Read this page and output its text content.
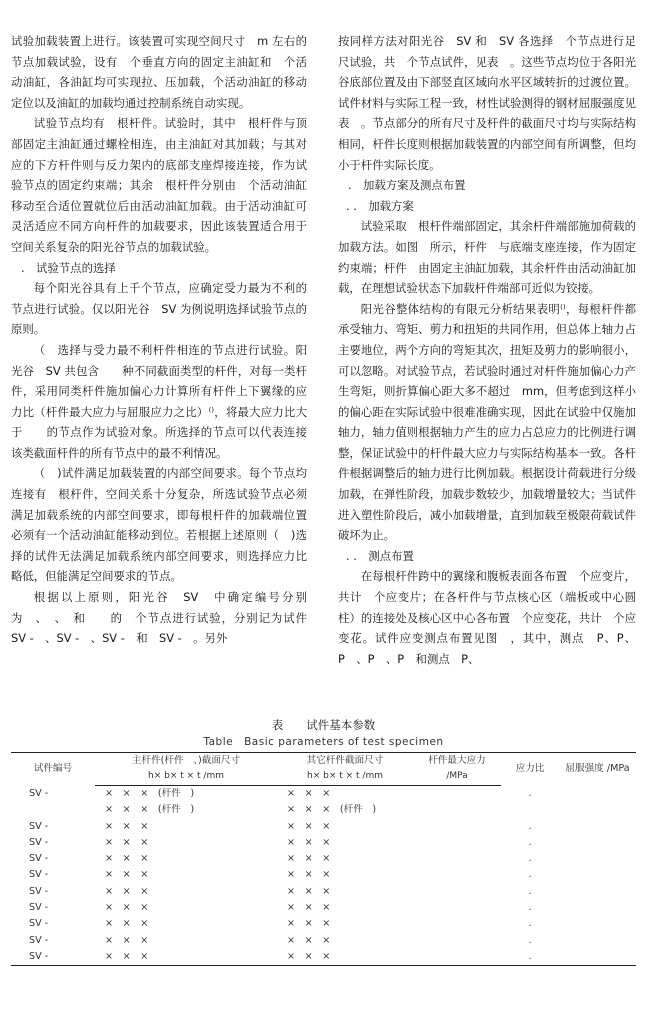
试验加载装置上进行。该装置可实现空间尺寸　m 左右的节点加载试验，设有　个垂直方向的固定主油缸和　个活动油缸，各油缸均可实现拉、压加载，个活动油缸的移动定位以及油缸的加载均通过控制系统自动实现。

试验节点均有　根杆件。试验时，其中　根杆件与顶部固定主油缸通过螺栓相连，由主油缸对其加载；与其对应的下方杆件则与反力架内的底部支座焊接连接，作为试验节点的固定约束端；其余　根杆件分别由　个活动油缸移动至合适位置就位后由活动油缸加载。由于活动油缸可灵活适应不同方向杆件的加载要求，因此该装置适合用于空间关系复杂的阳光谷节点的加载试验。

.　试验节点的选择

每个阳光谷具有上千个节点，应确定受力最为不利的节点进行试验。仅以阳光谷　SV 为例说明选择试验节点的原则。

（　选择与受力最不利杆件相连的节点进行试验。阳光谷　SV 共包含　　种不同截面类型的杆件，对每一类杆件，采用同类杆件施加偏心力计算所有杆件上下翼缘的应力比（杆件最大应力与屈服应力之比）⁽⁾，将最大应力比大于　　的节点作为试验对象。所选择的节点可以代表连接该类截面杆件的所有节点中的最不利情况。

（　)试件满足加载装置的内部空间要求。每个节点均连接有　根杆件，空间关系十分复杂，所选试验节点必须满足加载系统的内部空间要求，即每根杆件的加载端位置必须有一个活动油缸能移动到位。若根据上述原则（　)选择的试件无法满足加载系统内部空间要求，则选择应力比略低，但能满足空间要求的节点。

根据以上原则，阳光谷　SV　中确定编号分别为　、　、　和　　的　个节点进行试验，分别记为试件　SV -　、SV -　、SV -　和　SV -　。另外

按同样方法对阳光谷　SV 和　SV 各选择　个节点进行足尺试验，共　个节点试件，见表　。这些节点均位于各阳光谷底部位置及由下部竖直区域向水平区域转折的过渡位置。试件材料与实际工程一致，材性试验测得的钢材屈服强度见表　。节点部分的所有尺寸及杆件的截面尺寸均与实际结构相同，杆件长度则根据加载装置的内部空间有所调整，但均小于杆件实际长度。

.　加载方案及测点布置

. .　加载方案

试验采取　根杆件端部固定，其余杆件端部施加荷载的加载方法。如图　所示，杆件　与底端支座连接，作为固定约束端；杆件　由固定主油缸加载，其余杆件由活动油缸加载，在理想试验状态下加载杆件端部可近似为铰接。

阳光谷整体结构的有限元分析结果表明⁽⁾，每根杆件都承受轴力、弯矩、剪力和扭矩的共同作用，但总体上轴力占主要地位，两个方向的弯矩其次，扭矩及剪力的影响很小，可以忽略。对试验节点，若试验时通过对杆件施加偏心力产生弯矩，则折算偏心距大多不超过　mm，但考虑到这样小的偏心距在实际试验中很难准确实现，因此在试验中仅施加轴力，轴力值则根据轴力产生的应力占总应力的比例进行调整，保证试验中的杆件最大应力与实际结构基本一致。各杆件根据调整后的轴力进行比例加载。根据设计荷载进行分级加载，在弹性阶段，加载步数较少，加载增量较大；当试件进入塑性阶段后，减小加载增量，直到加载至极限荷载试件破坏为止。

. .　测点布置

在每根杆件跨中的翼缘和腹板表面各布置　个应变片，共计　个应变片；在各杆件与节点核心区（端板或中心圆柱）的连接处及核心区中心各布置　个应变花，共计　个应变花。试件应变测点布置见图　，其中，测点　P、P、P　、P　、P　和测点　P、

表　　试件基本参数
Table　Basic parameters of test specimen
试件编号	主杆件(杆件　、)截面尺寸	其它杆件截面尺寸	杆件最大应力	应力比	屈服强度 /MPa
	h× b× t × t /mm	h× b× t × t /mm	/MPa		
SV -	×　×　×　(杆件　)	×　×　×		.	
	×　×　×　(杆件　)	×　×　×　(杆件　)			
SV -	×　×　×	×　×　×		.	
SV -	×　×　×	×　×　×		.	
SV -	×　×　×	×　×　×		.	
SV -	×　×　×	×　×　×		.	
SV -	×　×　×	×　×　×		.	
SV -	×　×　×	×　×　×		.	
SV -	×　×　×	×　×　×		.	
SV -	×　×　×	×　×　×		.	
SV -	×　×　×	×　×　×		.	
